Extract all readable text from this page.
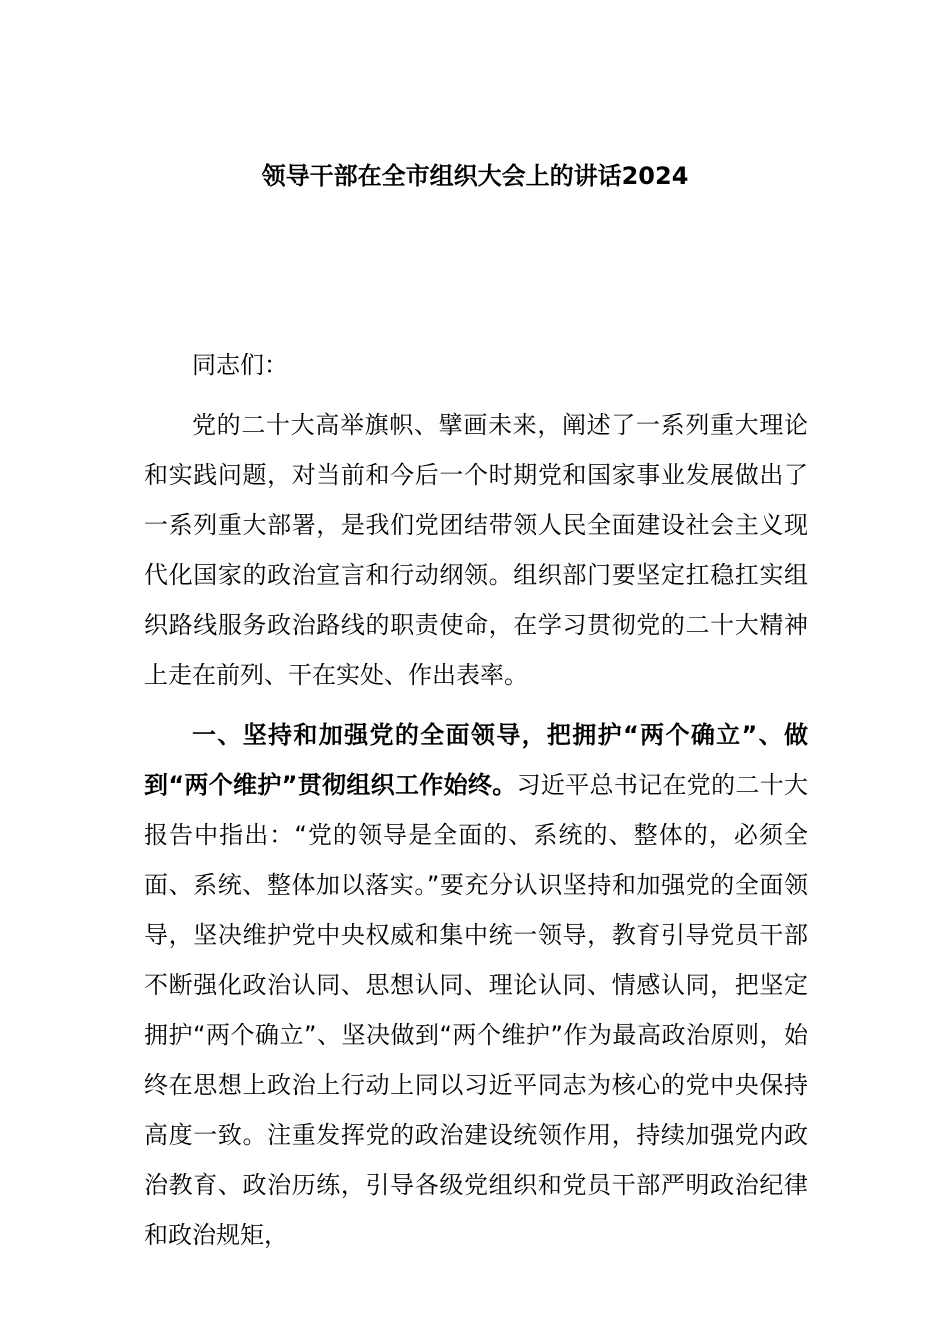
领导干部在全市组织大会上的讲话2024

同志们：

党的二十大高举旗帜、擘画未来，阐述了一系列重大理论和实践问题，对当前和今后一个时期党和国家事业发展做出了一系列重大部署，是我们党团结带领人民全面建设社会主义现代化国家的政治宣言和行动纲领。组织部门要坚定扛稳扛实组织路线服务政治路线的职责使命，在学习贯彻党的二十大精神上走在前列、干在实处、作出表率。

一、坚持和加强党的全面领导，把拥护“两个确立”、做到“两个维护”贯彻组织工作始终。习近平总书记在党的二十大报告中指出：“党的领导是全面的、系统的、整体的，必须全面、系统、整体加以落实。”要充分认识坚持和加强党的全面领导，坚决维护党中央权威和集中统一领导，教育引导党员干部不断强化政治认同、思想认同、理论认同、情感认同，把坚定拥护“两个确立”、坚决做到“两个维护”作为最高政治原则，始终在思想上政治上行动上同以习近平同志为核心的党中央保持高度一致。注重发挥党的政治建设统领作用，持续加强党内政治教育、政治历练，引导各级党组织和党员干部严明政治纪律和政治规矩，
